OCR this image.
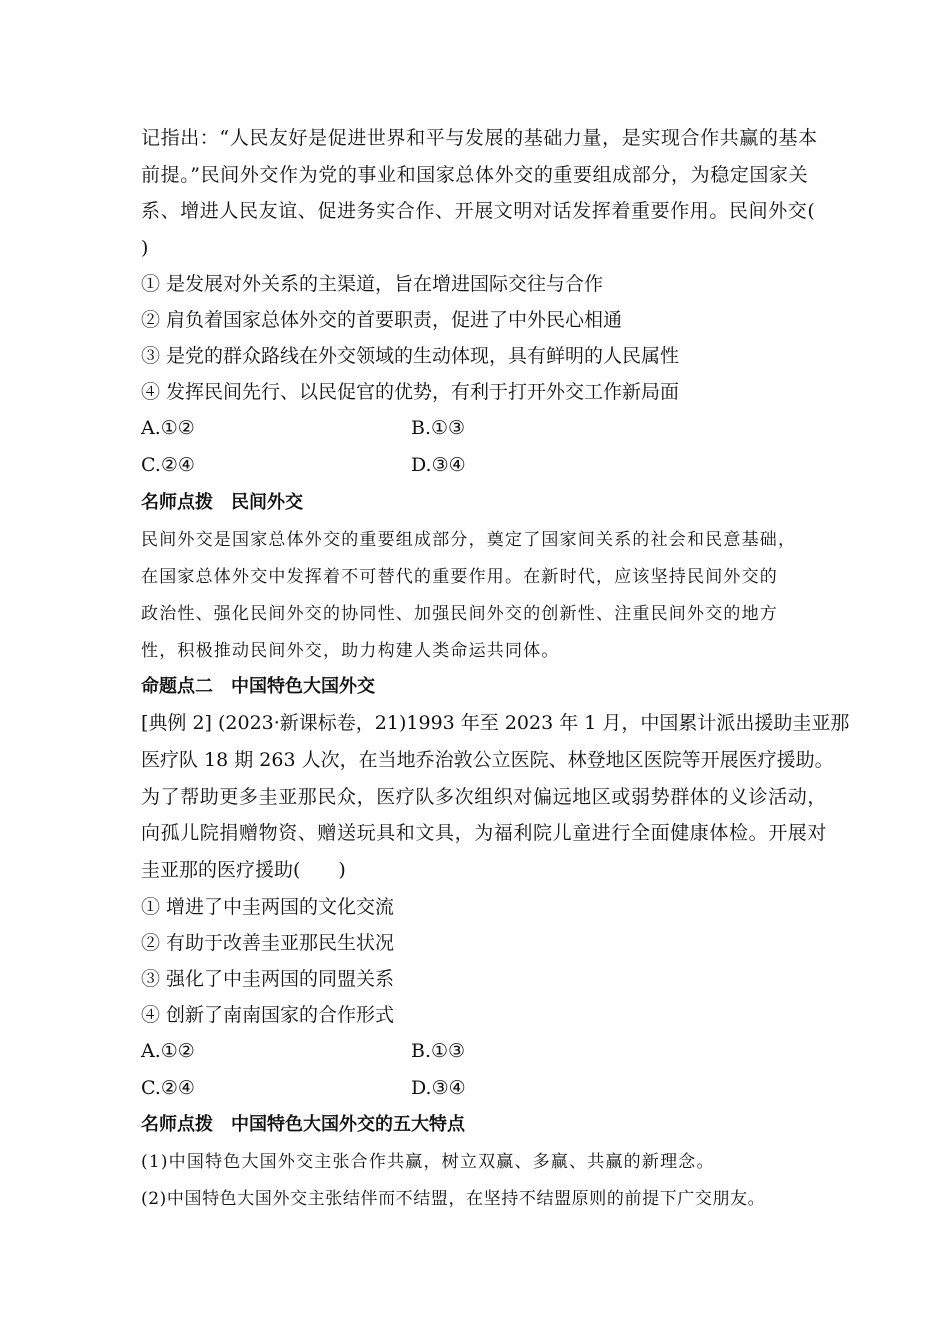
记指出：“人民友好是促进世界和平与发展的基础力量，是实现合作共赢的基本
前提。”民间外交作为党的事业和国家总体外交的重要组成部分，为稳定国家关
系、增进人民友谊、促进务实合作、开展文明对话发挥着重要作用。民间外交(
)
① 是发展对外关系的主渠道，旨在增进国际交往与合作
② 肩负着国家总体外交的首要职责，促进了中外民心相通
③ 是党的群众路线在外交领域的生动体现，具有鲜明的人民属性
④ 发挥民间先行、以民促官的优势，有利于打开外交工作新局面
A.①②	B.①③
C.②④	D.③④
名师点拨　民间外交
民间外交是国家总体外交的重要组成部分，奠定了国家间关系的社会和民意基础，
在国家总体外交中发挥着不可替代的重要作用。在新时代，应该坚持民间外交的
政治性、强化民间外交的协同性、加强民间外交的创新性、注重民间外交的地方
性，积极推动民间外交，助力构建人类命运共同体。
命题点二　中国特色大国外交
[典例 2] (2023·新课标卷，21)1993 年至 2023 年 1 月，中国累计派出援助圭亚那
医疗队 18 期 263 人次，在当地乔治敦公立医院、林登地区医院等开展医疗援助。
为了帮助更多圭亚那民众，医疗队多次组织对偏远地区或弱势群体的义诊活动，
向孤儿院捐赠物资、赠送玩具和文具，为福利院儿童进行全面健康体检。开展对
圭亚那的医疗援助(　　)
① 增进了中圭两国的文化交流
② 有助于改善圭亚那民生状况
③ 强化了中圭两国的同盟关系
④ 创新了南南国家的合作形式
A.①②	B.①③
C.②④	D.③④
名师点拨　中国特色大国外交的五大特点
(1)中国特色大国外交主张合作共赢，树立双赢、多赢、共赢的新理念。
(2)中国特色大国外交主张结伴而不结盟，在坚持不结盟原则的前提下广交朋友。
